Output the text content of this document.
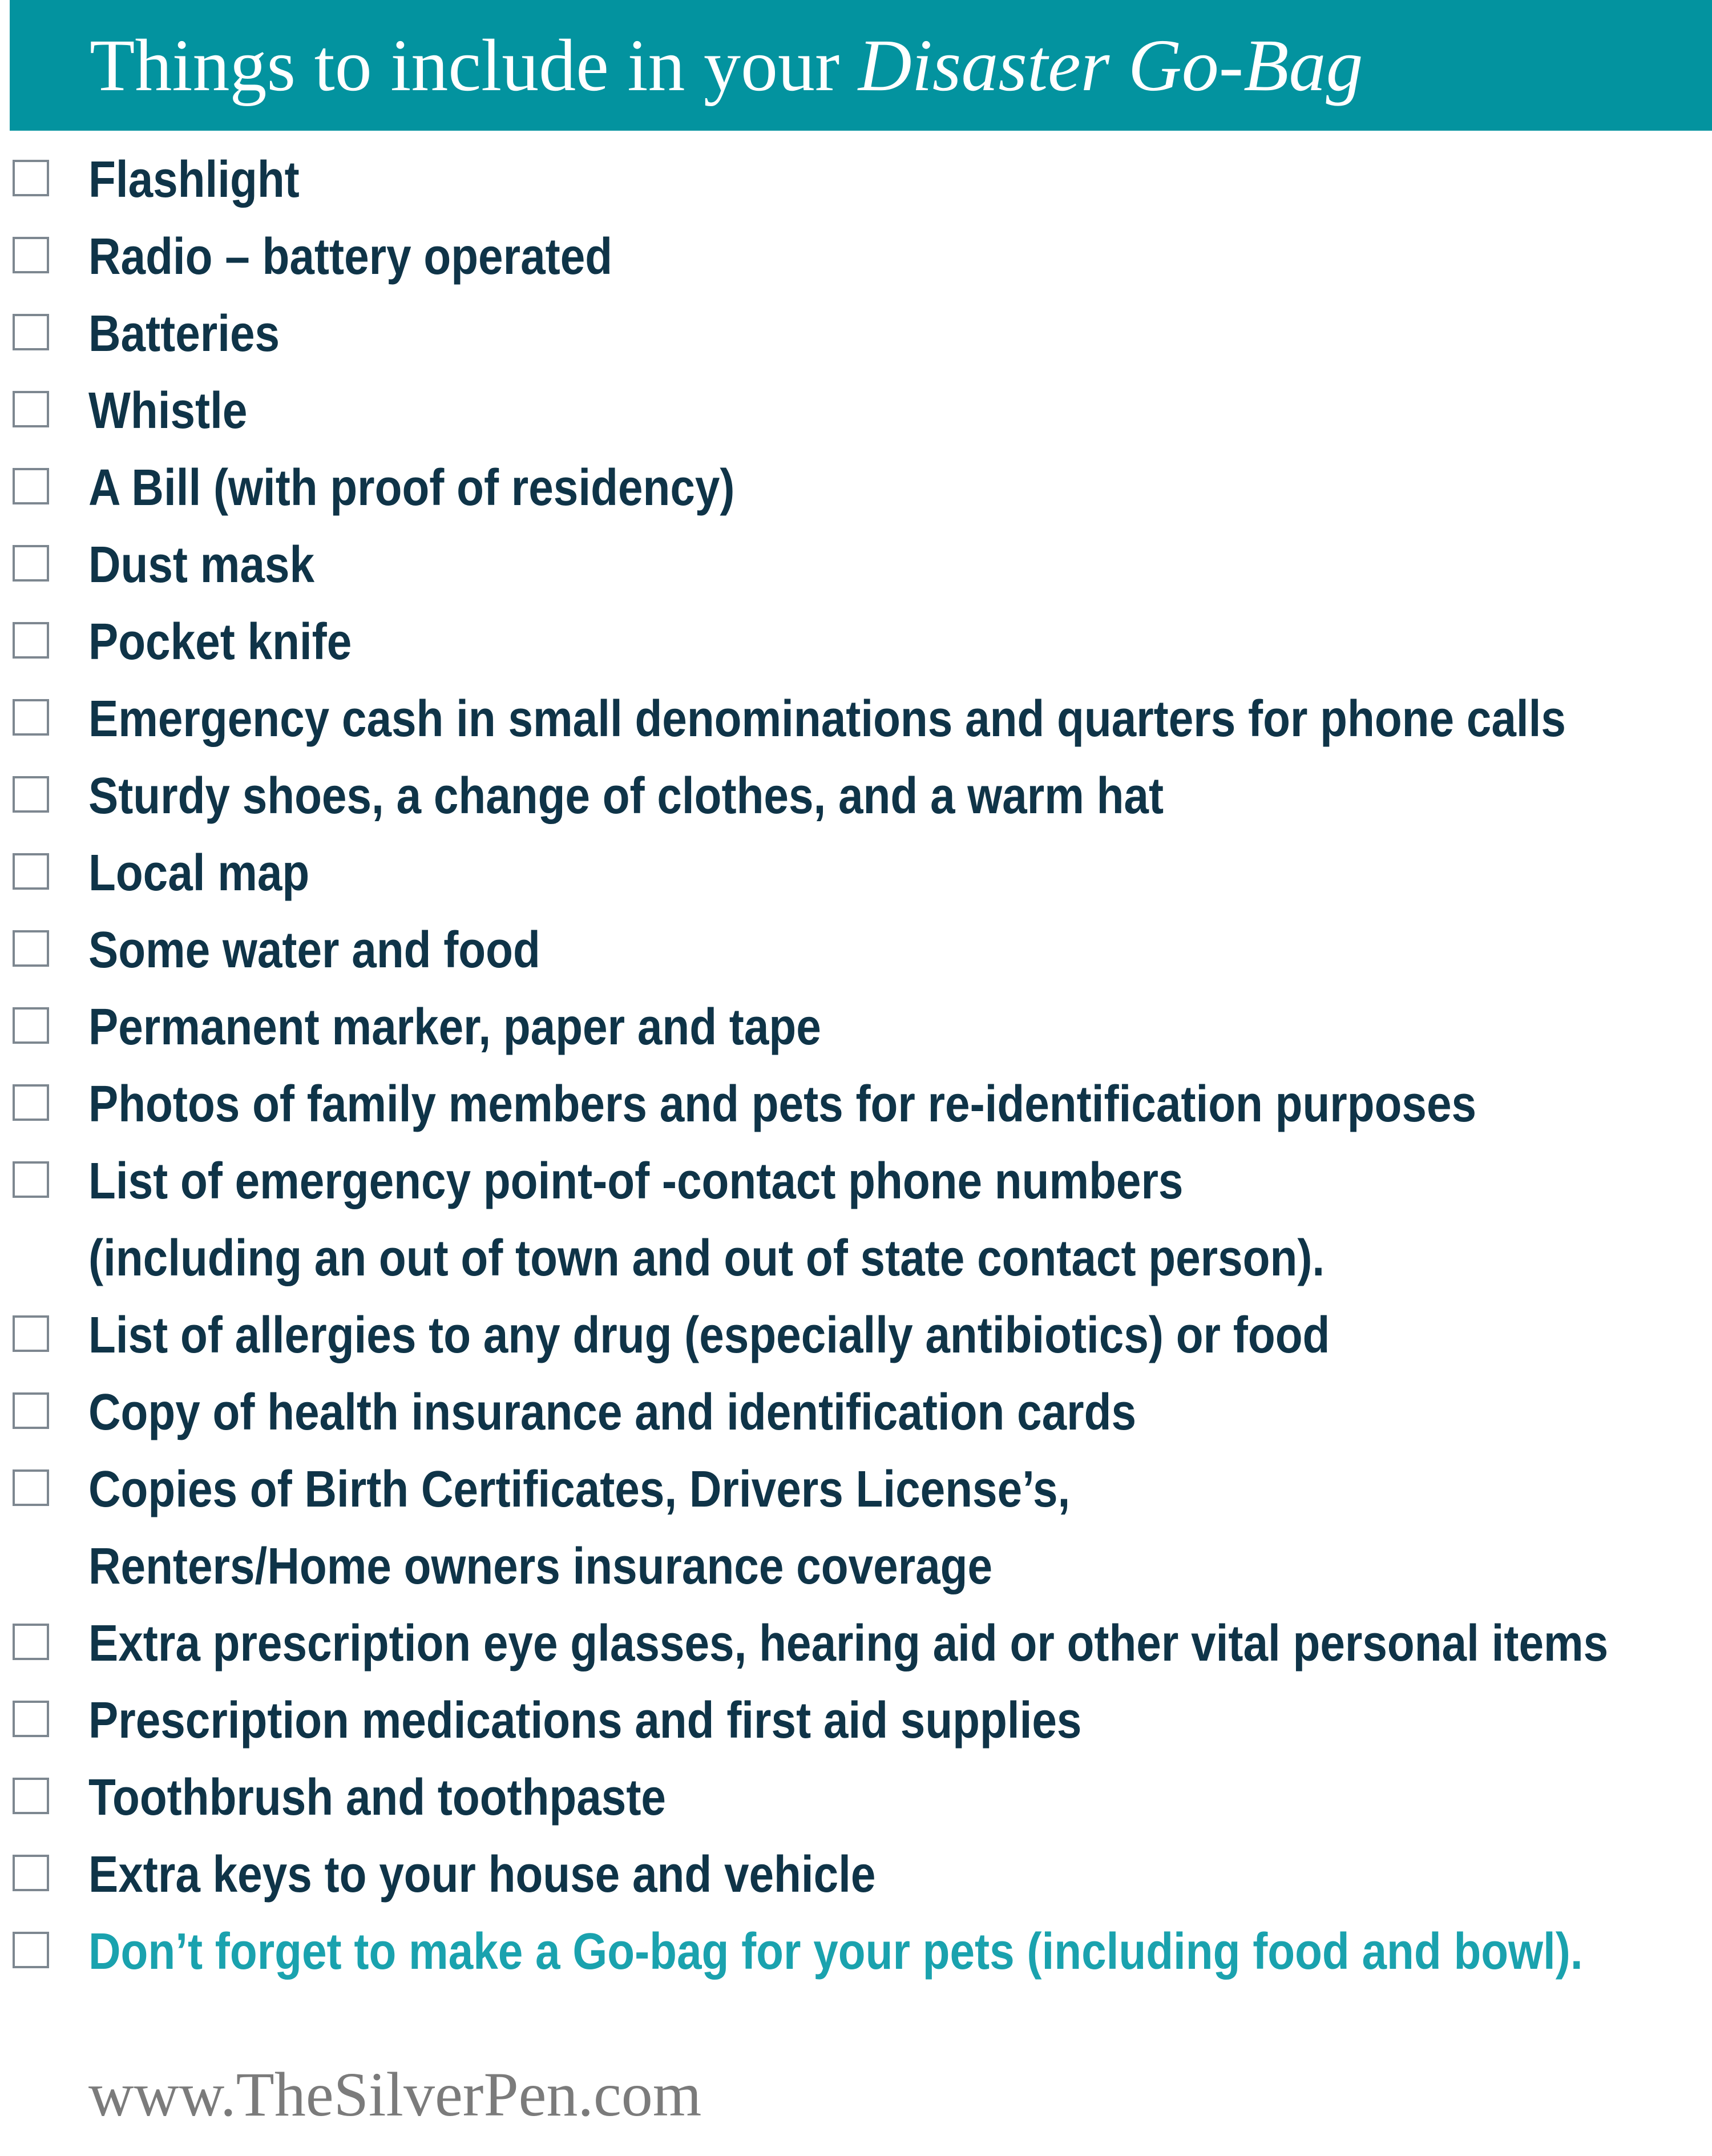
Things to include in your Disaster Go-Bag
Flashlight
Radio – battery operated
Batteries
Whistle
A Bill (with proof of residency)
Dust mask
Pocket knife
Emergency cash in small denominations and quarters for phone calls
Sturdy shoes, a change of clothes, and a warm hat
Local map
Some water and food
Permanent marker, paper and tape
Photos of family members and pets for re-identification purposes
List of emergency point-of -contact phone numbers
(including an out of town and out of state contact person).
List of allergies to any drug (especially antibiotics) or food
Copy of health insurance and identification cards
Copies of Birth Certificates, Drivers License’s,
Renters/Home owners insurance coverage
Extra prescription eye glasses, hearing aid or other vital personal items
Prescription medications and first aid supplies
Toothbrush and toothpaste
Extra keys to your house and vehicle
Don’t forget to make a Go-bag for your pets (including food and bowl).

www.TheSilverPen.com
